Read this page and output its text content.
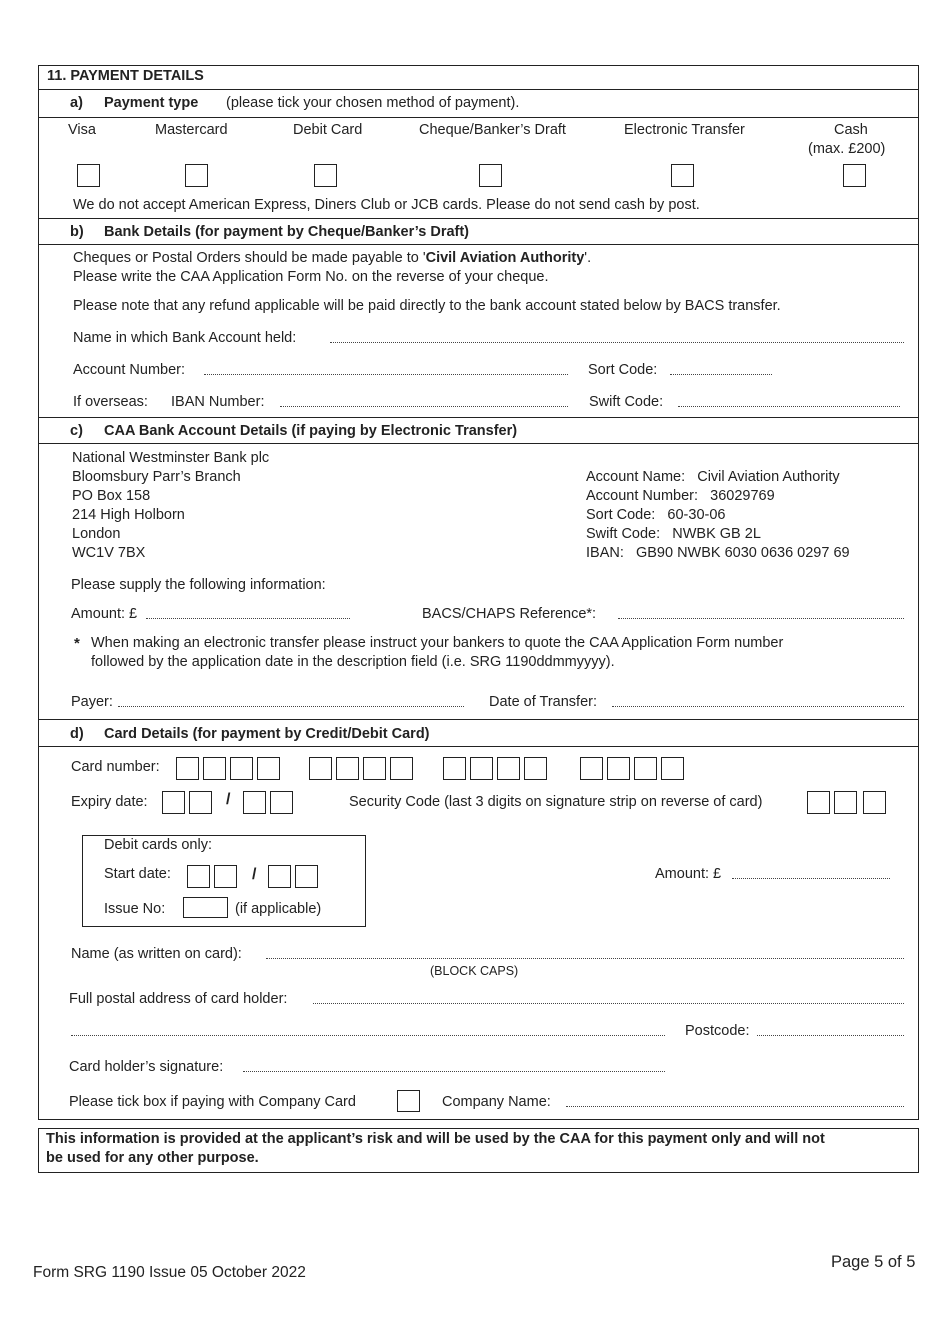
11. PAYMENT DETAILS
a) Payment type (please tick your chosen method of payment).
Visa	Mastercard	Debit Card	Cheque/Banker’s Draft	Electronic Transfer	Cash
(max. £200)
We do not accept American Express, Diners Club or JCB cards. Please do not send cash by post.
b) Bank Details (for payment by Cheque/Banker’s Draft)
Cheques or Postal Orders should be made payable to 'Civil Aviation Authority'.
Please write the CAA Application Form No. on the reverse of your cheque.
Please note that any refund applicable will be paid directly to the bank account stated below by BACS transfer.
Name in which Bank Account held:
Account Number:	Sort Code:
If overseas: IBAN Number:	Swift Code:
c) CAA Bank Account Details (if paying by Electronic Transfer)
National Westminster Bank plc
Bloomsbury Parr’s Branch
PO Box 158
214 High Holborn
London
WC1V 7BX
Account Name: Civil Aviation Authority
Account Number: 36029769
Sort Code: 60-30-06
Swift Code: NWBK GB 2L
IBAN: GB90 NWBK 6030 0636 0297 69
Please supply the following information:
Amount: £	BACS/CHAPS Reference*:
* When making an electronic transfer please instruct your bankers to quote the CAA Application Form number
followed by the application date in the description field (i.e. SRG 1190ddmmyyyy).
Payer:	Date of Transfer:
d) Card Details (for payment by Credit/Debit Card)
Card number:
Expiry date:	/	Security Code (last 3 digits on signature strip on reverse of card)
Debit cards only:
Start date:	/
Issue No:	(if applicable)
Amount: £
Name (as written on card):
(BLOCK CAPS)
Full postal address of card holder:
Postcode:
Card holder’s signature:
Please tick box if paying with Company Card	Company Name:
This information is provided at the applicant’s risk and will be used by the CAA for this payment only and will not
be used for any other purpose.
Form SRG 1190 Issue 05 October 2022
Page 5 of 5
